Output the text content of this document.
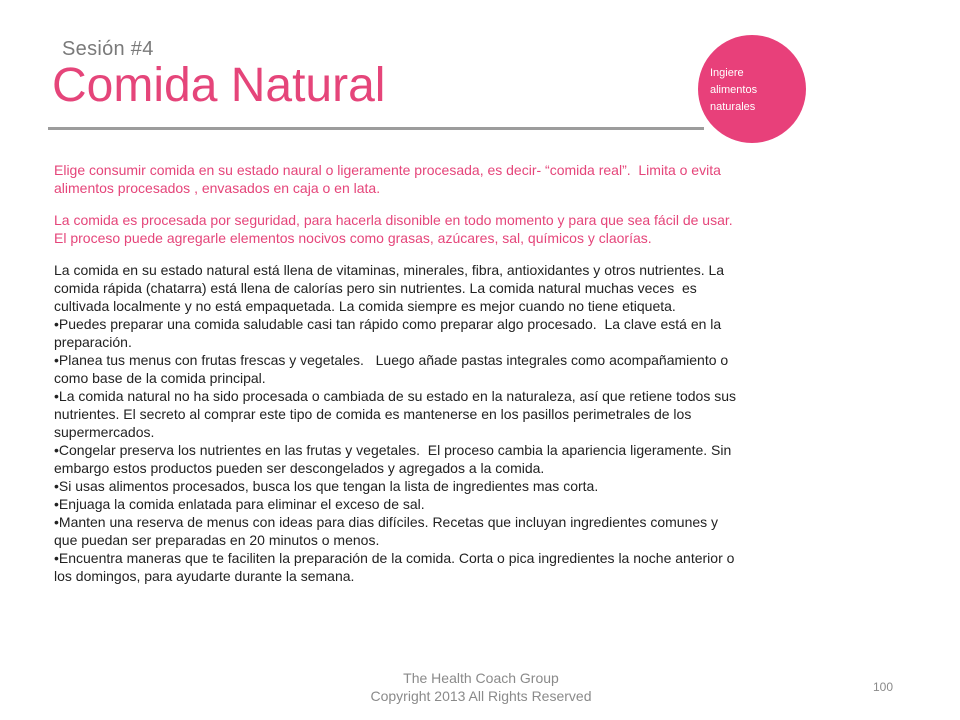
Sesión #4
Comida Natural	Ingiere
alimentos
naturales
Elige consumir comida en su estado naural o ligeramente procesada, es decir- “comida real”.  Limita o evita
alimentos procesados , envasados en caja o en lata.
La comida es procesada por seguridad, para hacerla disonible en todo momento y para que sea fácil de usar.
El proceso puede agregarle elementos nocivos como grasas, azúcares, sal, químicos y claorías.
La comida en su estado natural está llena de vitaminas, minerales, fibra, antioxidantes y otros nutrientes. La
comida rápida (chatarra) está llena de calorías pero sin nutrientes. La comida natural muchas veces  es
cultivada localmente y no está empaquetada. La comida siempre es mejor cuando no tiene etiqueta.
•Puedes preparar una comida saludable casi tan rápido como preparar algo procesado.  La clave está en la
preparación.
•Planea tus menus con frutas frescas y vegetales.   Luego añade pastas integrales como acompañamiento o
como base de la comida principal.
•La comida natural no ha sido procesada o cambiada de su estado en la naturaleza, así que retiene todos sus
nutrientes. El secreto al comprar este tipo de comida es mantenerse en los pasillos perimetrales de los
supermercados.
•Congelar preserva los nutrientes en las frutas y vegetales.  El proceso cambia la apariencia ligeramente. Sin
embargo estos productos pueden ser descongelados y agregados a la comida.
•Si usas alimentos procesados, busca los que tengan la lista de ingredientes mas corta.
•Enjuaga la comida enlatada para eliminar el exceso de sal.
•Manten una reserva de menus con ideas para dias difíciles. Recetas que incluyan ingredientes comunes y
que puedan ser preparadas en 20 minutos o menos.
•Encuentra maneras que te faciliten la preparación de la comida. Corta o pica ingredientes la noche anterior o
los domingos, para ayudarte durante la semana.
The Health Coach Group
Copyright 2013 All Rights Reserved
100
